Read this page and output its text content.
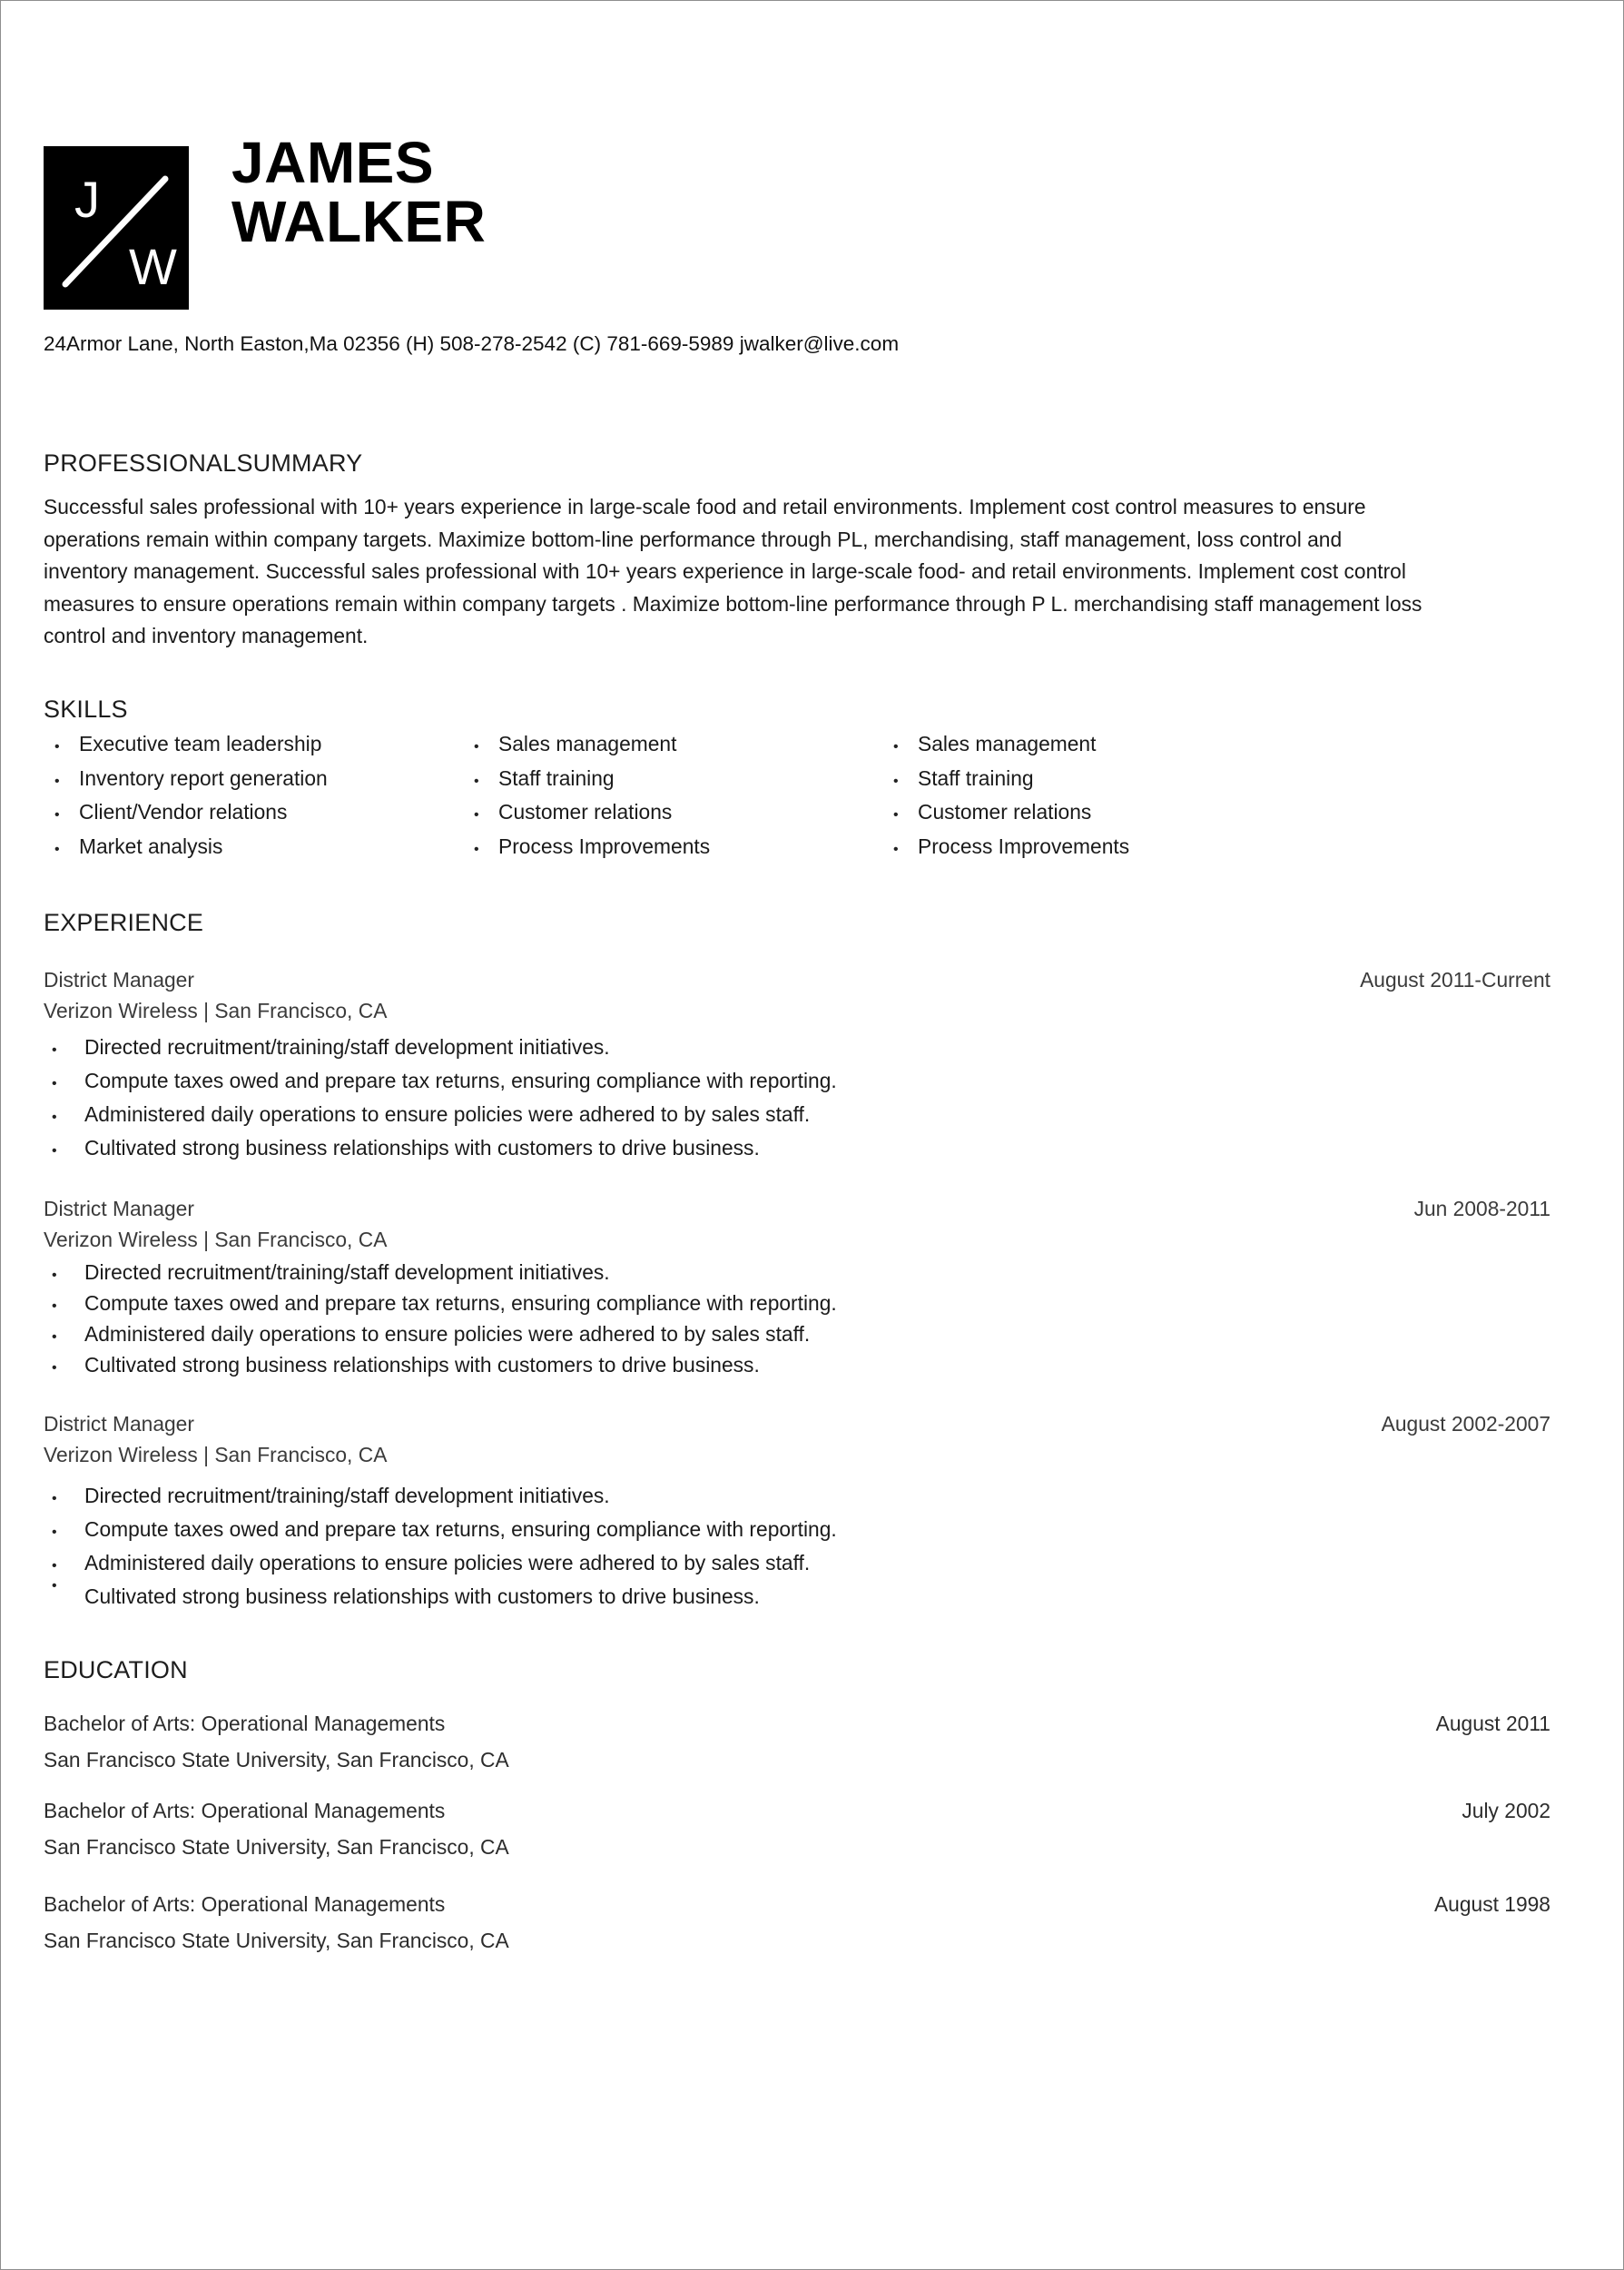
J
W
JAMES
WALKER
24Armor Lane, North Easton,Ma 02356 (H) 508-278-2542 (C) 781-669-5989 jwalker@live.com
PROFESSIONALSUMMARY
Successful sales professional with 10+ years experience in large-scale food and retail environments. Implement cost control measures to ensure operations remain within company targets. Maximize bottom-line performance through PL, merchandising, staff management, loss control and inventory management. Successful sales professional with 10+ years experience in large-scale food- and retail environments. Implement cost control measures to ensure operations remain within company targets . Maximize bottom-line performance through P L. merchandising staff management loss control and inventory management.
SKILLS
• Executive team leadership
• Inventory report generation
• Client/Vendor relations
• Market analysis
• Sales management
• Staff training
• Customer relations
• Process Improvements
• Sales management
• Staff training
• Customer relations
• Process Improvements
EXPERIENCE
District Manager	August 2011-Current
Verizon Wireless | San Francisco, CA
•	Directed recruitment/training/staff development initiatives.
•	Compute taxes owed and prepare tax returns, ensuring compliance with reporting.
•	Administered daily operations to ensure policies were adhered to by sales staff.
•	Cultivated strong business relationships with customers to drive business.
District Manager	Jun 2008-2011
Verizon Wireless | San Francisco, CA
•	Directed recruitment/training/staff development initiatives.
•	Compute taxes owed and prepare tax returns, ensuring compliance with reporting.
•	Administered daily operations to ensure policies were adhered to by sales staff.
•	Cultivated strong business relationships with customers to drive business.
District Manager	August 2002-2007
Verizon Wireless | San Francisco, CA
•	Directed recruitment/training/staff development initiatives.
•	Compute taxes owed and prepare tax returns, ensuring compliance with reporting.
•	Administered daily operations to ensure policies were adhered to by sales staff.
•	Cultivated strong business relationships with customers to drive business.
EDUCATION
Bachelor of Arts: Operational Managements	August 2011
San Francisco State University, San Francisco, CA
Bachelor of Arts: Operational Managements	July 2002
San Francisco State University, San Francisco, CA
Bachelor of Arts: Operational Managements	August 1998
San Francisco State University, San Francisco, CA
